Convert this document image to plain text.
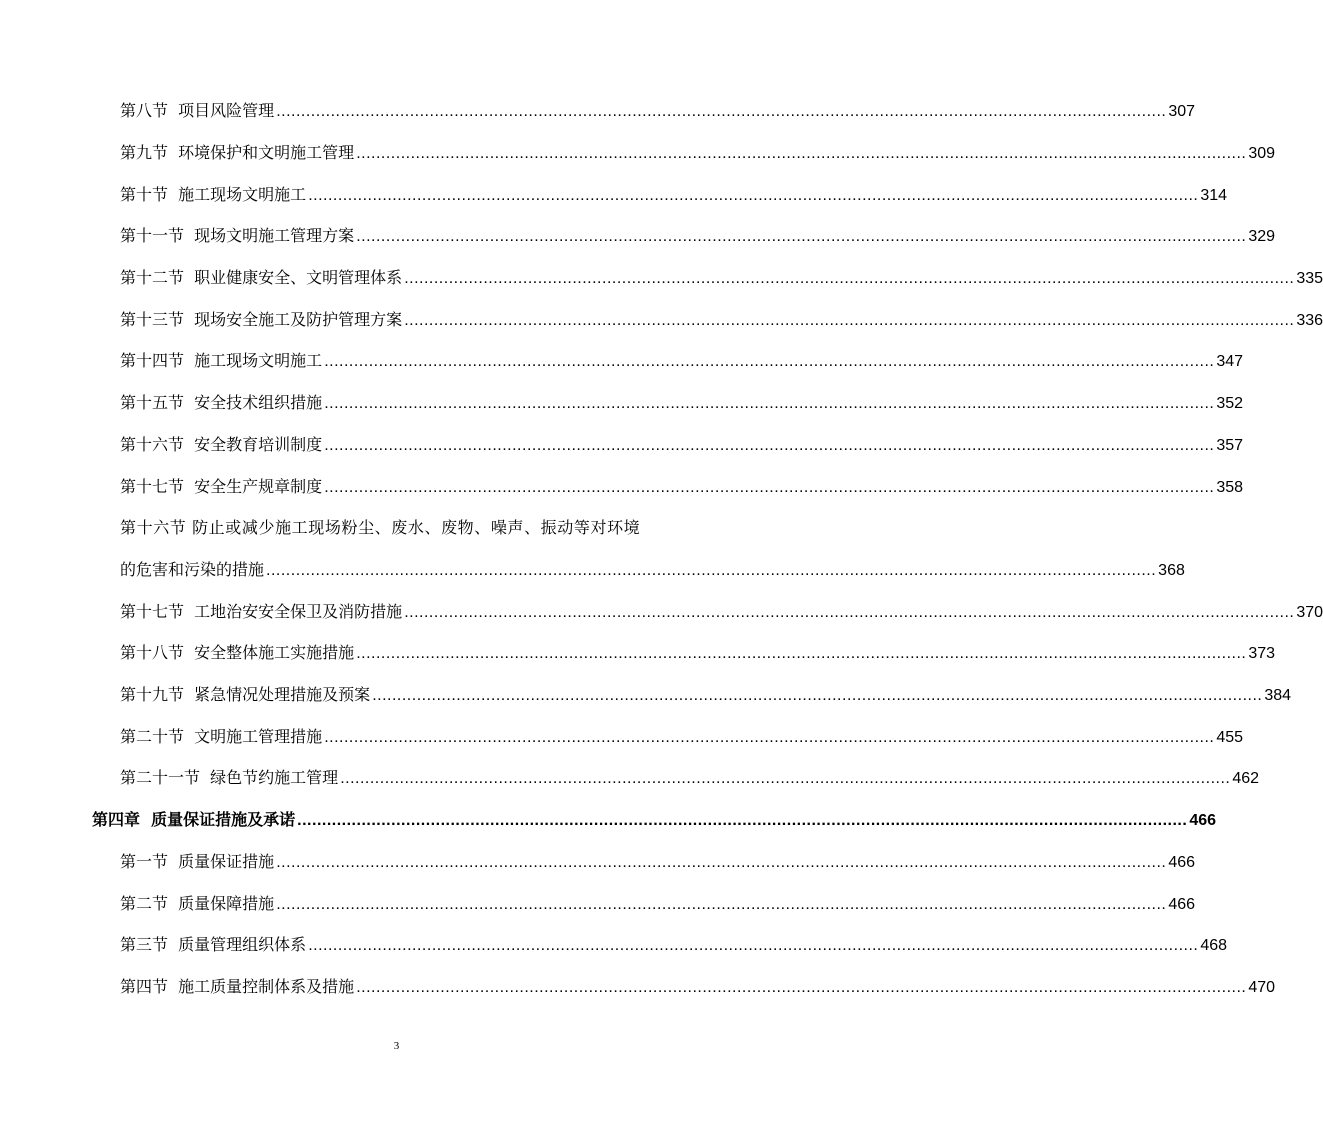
第八节  项目风险管理 .................................................................................................................................................................................... 307
第九节  环境保护和文明施工管理 .................................................................................................................................................................................... 309
第十节  施工现场文明施工 .................................................................................................................................................................................... 314
第十一节  现场文明施工管理方案 .................................................................................................................................................................................... 329
第十二节  职业健康安全、文明管理体系 .................................................................................................................................................................................... 335
第十三节  现场安全施工及防护管理方案 .................................................................................................................................................................................... 336
第十四节  施工现场文明施工 .................................................................................................................................................................................... 347
第十五节  安全技术组织措施 .................................................................................................................................................................................... 352
第十六节  安全教育培训制度 .................................................................................................................................................................................... 357
第十七节  安全生产规章制度 .................................................................................................................................................................................... 358
第十六节 防止或减少施工现场粉尘、废水、废物、噪声、振动等对环境
的危害和污染的措施 .................................................................................................................................................................................... 368
第十七节  工地治安安全保卫及消防措施 .................................................................................................................................................................................... 370
第十八节  安全整体施工实施措施 .................................................................................................................................................................................... 373
第十九节  紧急情况处理措施及预案 .................................................................................................................................................................................... 384
第二十节  文明施工管理措施 .................................................................................................................................................................................... 455
第二十一节  绿色节约施工管理 .................................................................................................................................................................................... 462
第四章  质量保证措施及承诺 .................................................................................................................................................................................... 466
第一节  质量保证措施 .................................................................................................................................................................................... 466
第二节  质量保障措施 .................................................................................................................................................................................... 466
第三节  质量管理组织体系 .................................................................................................................................................................................... 468
第四节  施工质量控制体系及措施 .................................................................................................................................................................................... 470
3
